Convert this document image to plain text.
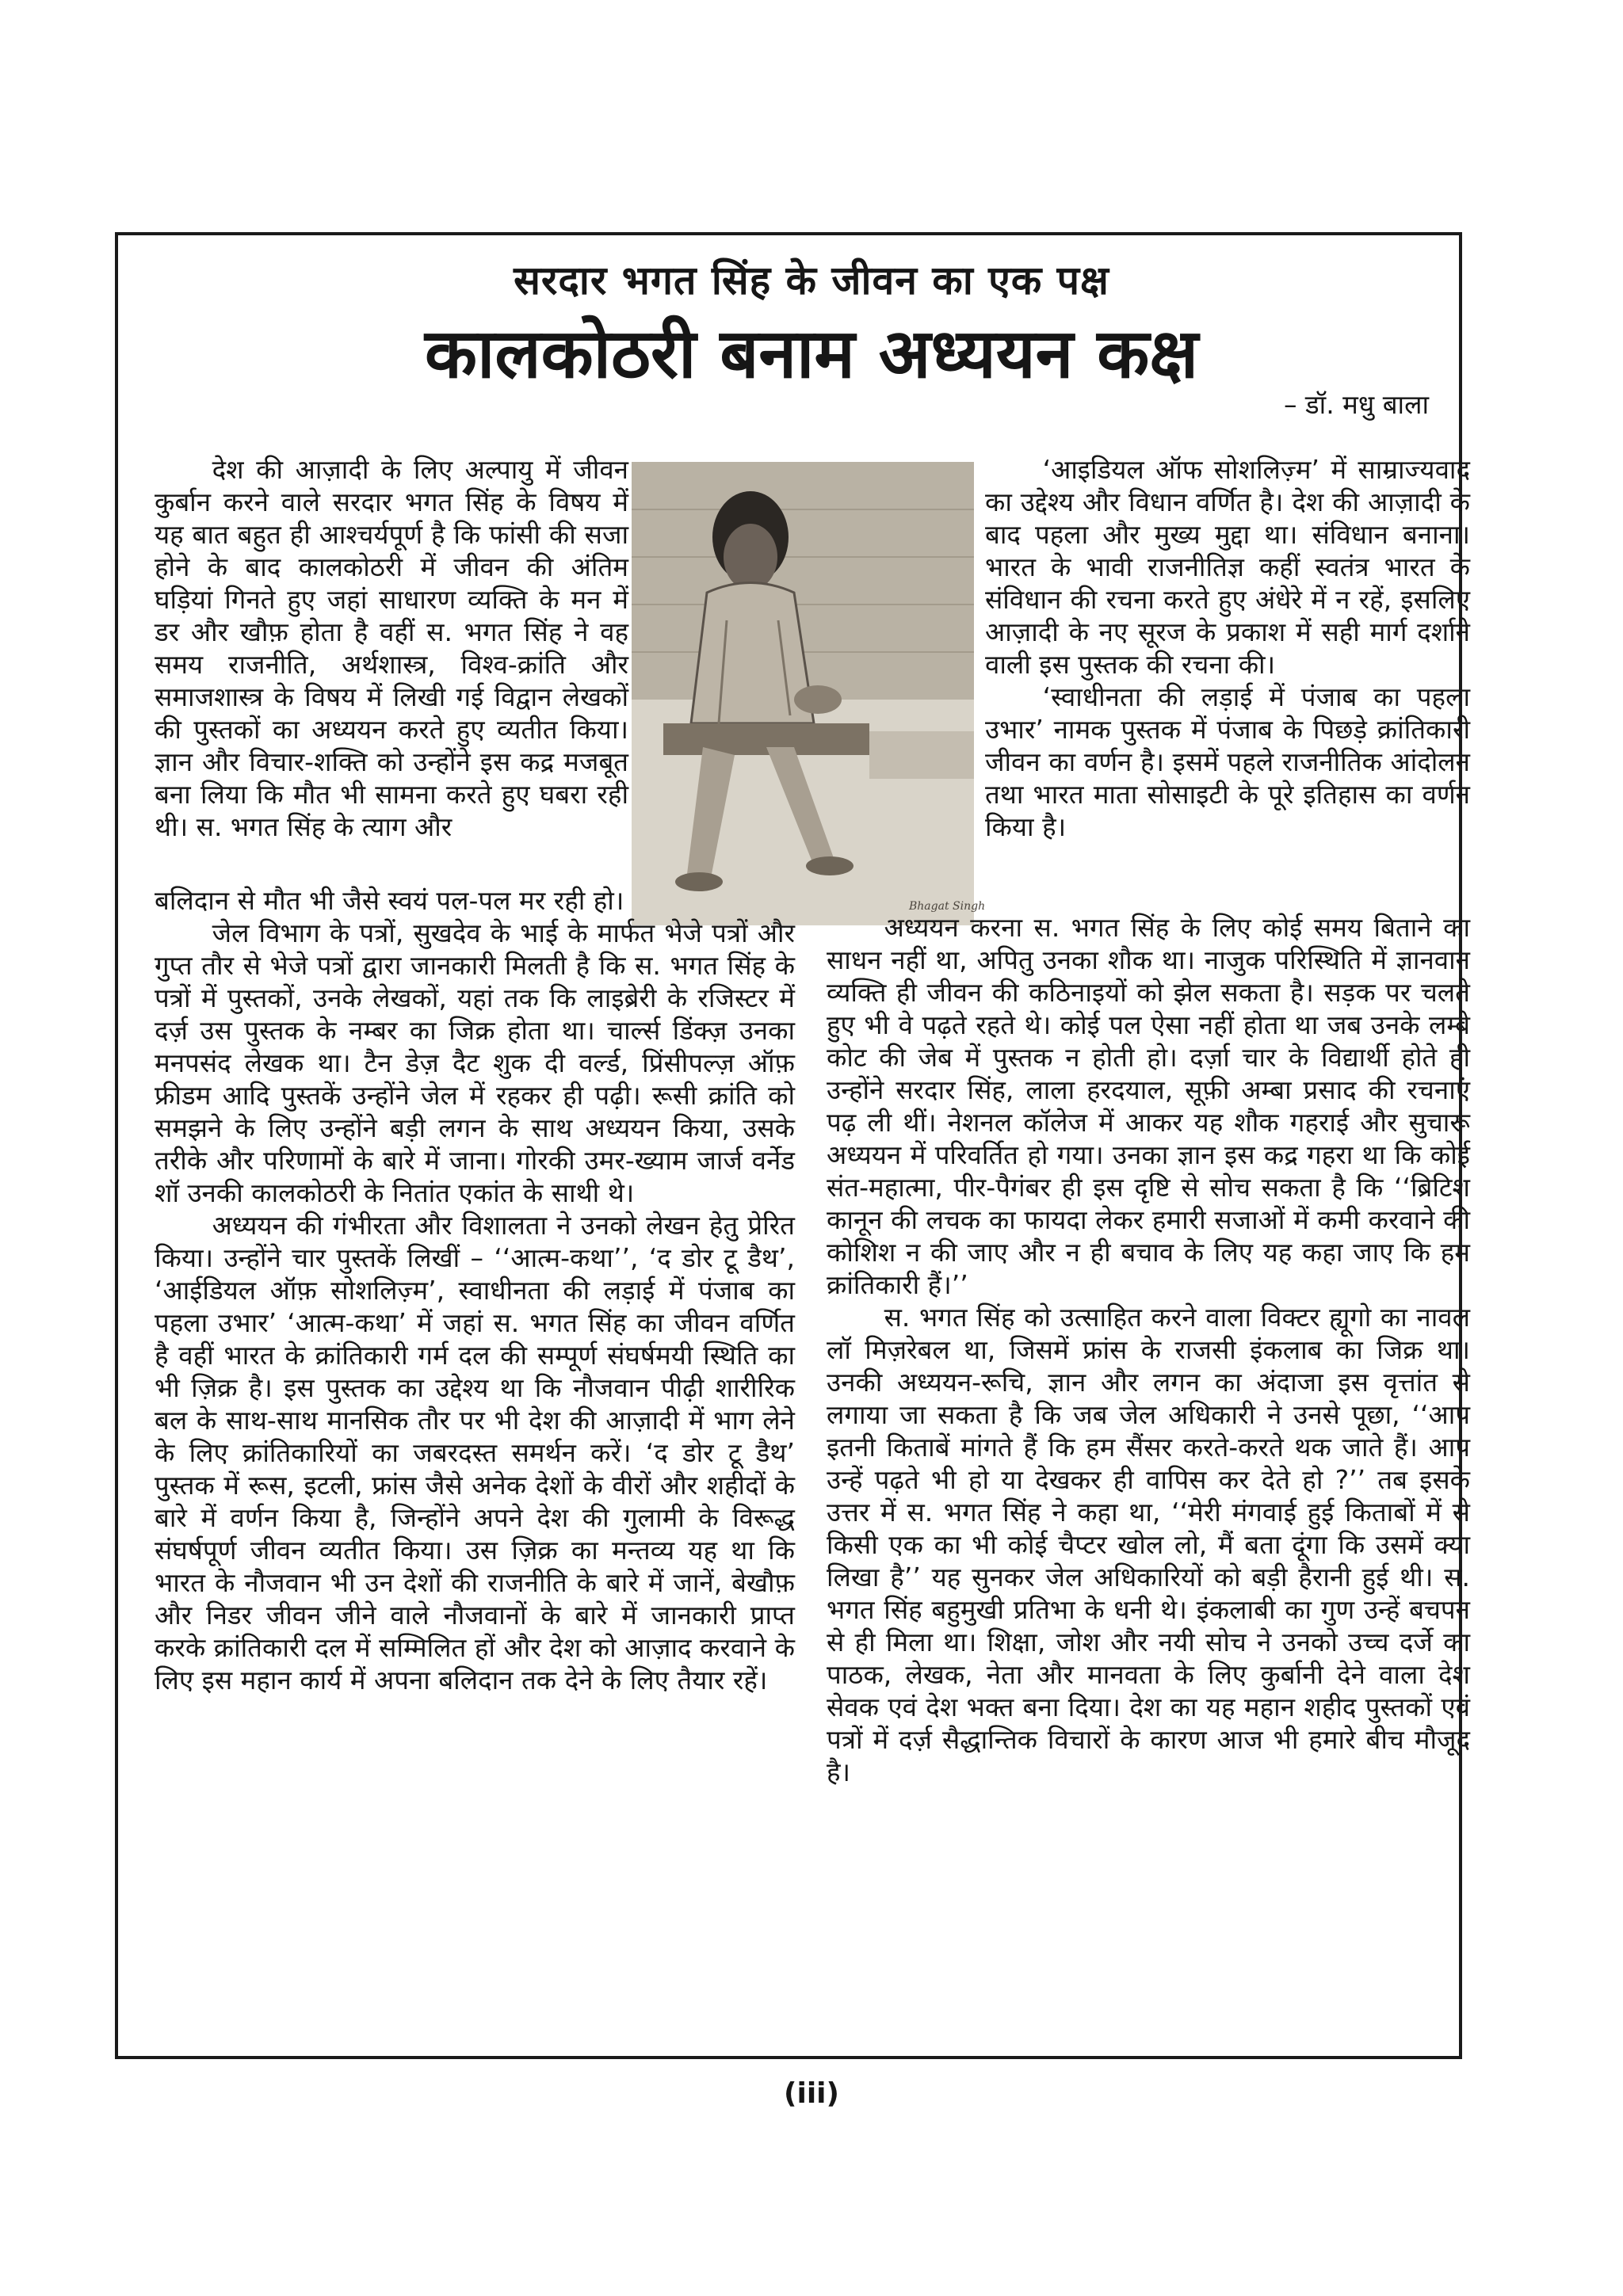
सरदार भगत सिंह के जीवन का एक पक्ष
कालकोठरी बनाम अध्ययन कक्ष
– डॉ. मधु बाला
Bhagat Singh

देश की आज़ादी के लिए अल्पायु में जीवन कुर्बान करने वाले सरदार भगत सिंह के विषय में यह बात बहुत ही आश्चर्यपूर्ण है कि फांसी की सजा होने के बाद कालकोठरी में जीवन की अंतिम घड़ियां गिनते हुए जहां साधारण व्यक्ति के मन में डर और खौफ़ होता है वहीं स. भगत सिंह ने वह समय राजनीति, अर्थशास्त्र, विश्व-क्रांति और समाजशास्त्र के विषय में लिखी गई विद्वान लेखकों की पुस्तकों का अध्ययन करते हुए व्यतीत किया। ज्ञान और विचार-शक्ति को उन्होंने इस कद्र मजबूत बना लिया कि मौत भी सामना करते हुए घबरा रही थी। स. भगत सिंह के त्याग और

बलिदान से मौत भी जैसे स्वयं पल-पल मर रही हो।

जेल विभाग के पत्रों, सुखदेव के भाई के मार्फत भेजे पत्रों और गुप्त तौर से भेजे पत्रों द्वारा जानकारी मिलती है कि स. भगत सिंह के पत्रों में पुस्तकों, उनके लेखकों, यहां तक कि लाइब्रेरी के रजिस्टर में दर्ज़ उस पुस्तक के नम्बर का जिक्र होता था। चार्ल्स डिंक्ज़ उनका मनपसंद लेखक था। टैन डेज़ दैट शुक दी वर्ल्ड, प्रिंसीपल्ज़ ऑफ़ फ्रीडम आदि पुस्तकें उन्होंने जेल में रहकर ही पढ़ी। रूसी क्रांति को समझने के लिए उन्होंने बड़ी लगन के साथ अध्ययन किया, उसके तरीके और परिणामों के बारे में जाना। गोरकी उमर-ख्याम जार्ज वर्नेड शॉ उनकी कालकोठरी के नितांत एकांत के साथी थे।

अध्ययन की गंभीरता और विशालता ने उनको लेखन हेतु प्रेरित किया। उन्होंने चार पुस्तकें लिखीं – ‘‘आत्म-कथा’’, ‘द डोर टू डैथ’, ‘आईडियल ऑफ़ सोशलिज़्म’, स्वाधीनता की लड़ाई में पंजाब का पहला उभार’ ‘आत्म-कथा’ में जहां स. भगत सिंह का जीवन वर्णित है वहीं भारत के क्रांतिकारी गर्म दल की सम्पूर्ण संघर्षमयी स्थिति का भी ज़िक्र है। इस पुस्तक का उद्देश्य था कि नौजवान पीढ़ी शारीरिक बल के साथ-साथ मानसिक तौर पर भी देश की आज़ादी में भाग लेने के लिए क्रांतिकारियों का जबरदस्त समर्थन करें। ‘द डोर टू डैथ’ पुस्तक में रूस, इटली, फ्रांस जैसे अनेक देशों के वीरों और शहीदों के बारे में वर्णन किया है, जिन्होंने अपने देश की गुलामी के विरूद्ध संघर्षपूर्ण जीवन व्यतीत किया। उस ज़िक्र का मन्तव्य यह था कि भारत के नौजवान भी उन देशों की राजनीति के बारे में जानें, बेखौफ़ और निडर जीवन जीने वाले नौजवानों के बारे में जानकारी प्राप्त करके क्रांतिकारी दल में सम्मिलित हों और देश को आज़ाद करवाने के लिए इस महान कार्य में अपना बलिदान तक देने के लिए तैयार रहें।

‘आइडियल ऑफ सोशलिज़्म’ में साम्राज्यवाद का उद्देश्य और विधान वर्णित है। देश की आज़ादी के बाद पहला और मुख्य मुद्दा था। संविधान बनाना। भारत के भावी राजनीतिज्ञ कहीं स्वतंत्र भारत के संविधान की रचना करते हुए अंधेरे में न रहें, इसलिए आज़ादी के नए सूरज के प्रकाश में सही मार्ग दर्शाने वाली इस पुस्तक की रचना की।

‘स्वाधीनता की लड़ाई में पंजाब का पहला उभार’ नामक पुस्तक में पंजाब के पिछड़े क्रांतिकारी जीवन का वर्णन है। इसमें पहले राजनीतिक आंदोलन तथा भारत माता सोसाइटी के पूरे इतिहास का वर्णन किया है।

अध्ययन करना स. भगत सिंह के लिए कोई समय बिताने का साधन नहीं था, अपितु उनका शौक था। नाजुक परिस्थिति में ज्ञानवान व्यक्ति ही जीवन की कठिनाइयों को झेल सकता है। सड़क पर चलते हुए भी वे पढ़ते रहते थे। कोई पल ऐसा नहीं होता था जब उनके लम्बे कोट की जेब में पुस्तक न होती हो। दर्ज़ा चार के विद्यार्थी होते ही उन्होंने सरदार सिंह, लाला हरदयाल, सूफ़ी अम्बा प्रसाद की रचनाएं पढ़ ली थीं। नेशनल कॉलेज में आकर यह शौक गहराई और सुचारू अध्ययन में परिवर्तित हो गया। उनका ज्ञान इस कद्र गहरा था कि कोई संत-महात्मा, पीर-पैगंबर ही इस दृष्टि से सोच सकता है कि ‘‘ब्रिटिश कानून की लचक का फायदा लेकर हमारी सजाओं में कमी करवाने की कोशिश न की जाए और न ही बचाव के लिए यह कहा जाए कि हम क्रांतिकारी हैं।’’

स. भगत सिंह को उत्साहित करने वाला विक्टर ह्यूगो का नावल लॉ मिज़रेबल था, जिसमें फ्रांस के राजसी इंकलाब का जिक्र था। उनकी अध्ययन-रूचि, ज्ञान और लगन का अंदाजा इस वृत्तांत से लगाया जा सकता है कि जब जेल अधिकारी ने उनसे पूछा, ‘‘आप इतनी किताबें मांगते हैं कि हम सैंसर करते-करते थक जाते हैं। आप उन्हें पढ़ते भी हो या देखकर ही वापिस कर देते हो ?’’ तब इसके उत्तर में स. भगत सिंह ने कहा था, ‘‘मेरी मंगवाई हुई किताबों में से किसी एक का भी कोई चैप्टर खोल लो, मैं बता दूंगा कि उसमें क्या लिखा है’’ यह सुनकर जेल अधिकारियों को बड़ी हैरानी हुई थी। स. भगत सिंह बहुमुखी प्रतिभा के धनी थे। इंकलाबी का गुण उन्हें बचपन से ही मिला था। शिक्षा, जोश और नयी सोच ने उनको उच्च दर्जे का पाठक, लेखक, नेता और मानवता के लिए कुर्बानी देने वाला देश सेवक एवं देश भक्त बना दिया। देश का यह महान शहीद पुस्तकों एवं पत्रों में दर्ज़ सैद्धान्तिक विचारों के कारण आज भी हमारे बीच मौजूद है।

(iii)
